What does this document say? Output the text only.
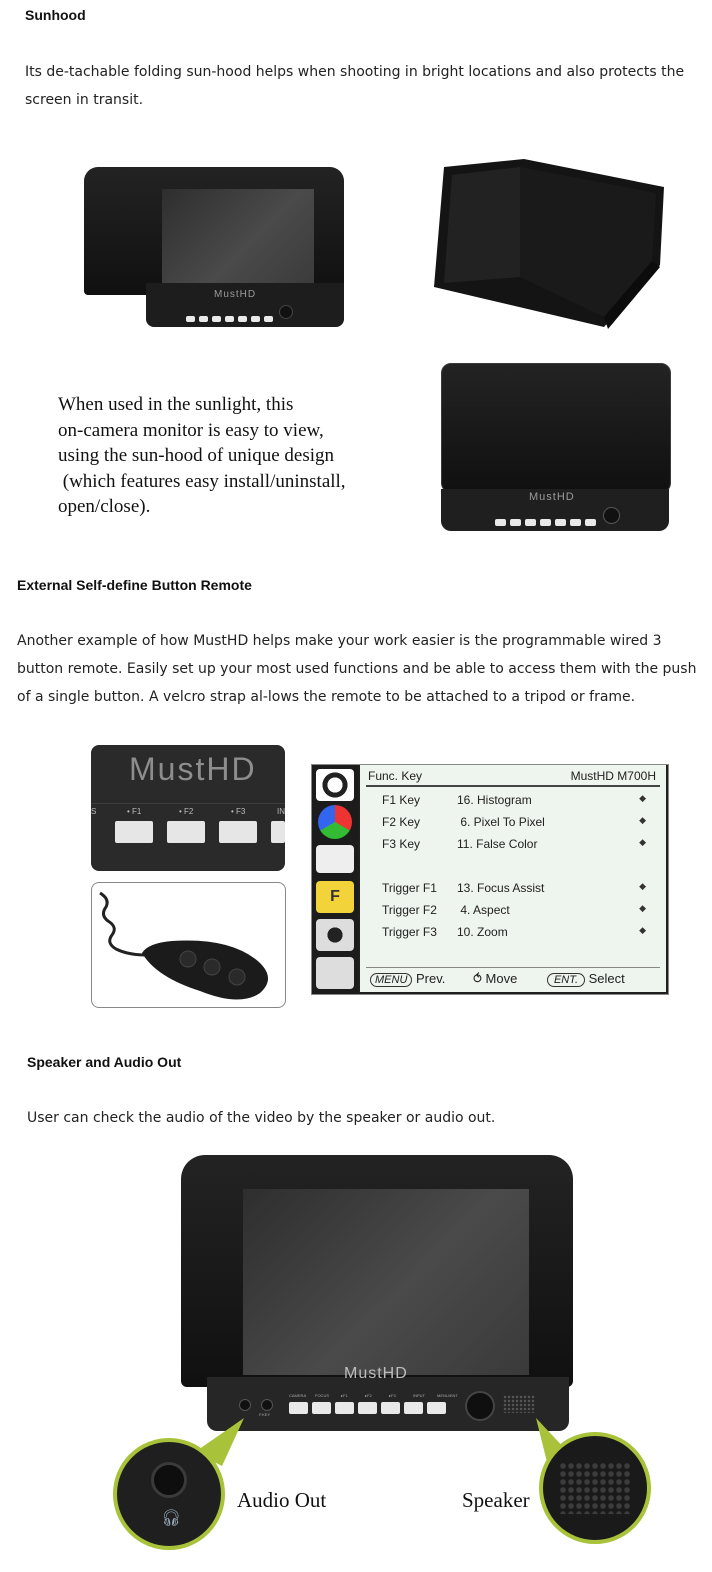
Sunhood
Its de-tachable folding sun-hood helps when shooting in bright locations and also protects the screen in transit.
MustHD
When used in the sunlight, this
on-camera monitor is easy to view,
using the sun-hood of unique design
(which features easy install/uninstall,
open/close).	MustHD
External Self-define Button Remote
Another example of how MustHD helps make your work easier is the programmable wired 3 button remote. Easily set up your most used functions and be able to access them with the push of a single button. A velcro strap al-lows the remote to be attached to a tripod or frame.
MustHD
S	• F1	• F2	• F3	IN
F
Func. Key	MustHD M700H
F1 Key	16. Histogram	◆
F2 Key	6. Pixel To Pixel	◆
F3 Key	11. False Color	◆
Trigger F1 13. Focus Assist	◆
Trigger F2 4. Aspect	◆
Trigger F3 10. Zoom	◆
MENU Prev. ⥀ Move	ENT. Select
Speaker and Audio Out
User can check the audio of the video by the speaker or audio out.
MustHD
F.KEY
CAMERA FOCUS	▸F1	▸F2	▸F3	INPUT	MENU/ENT
🎧︎
Audio Out	Speaker
